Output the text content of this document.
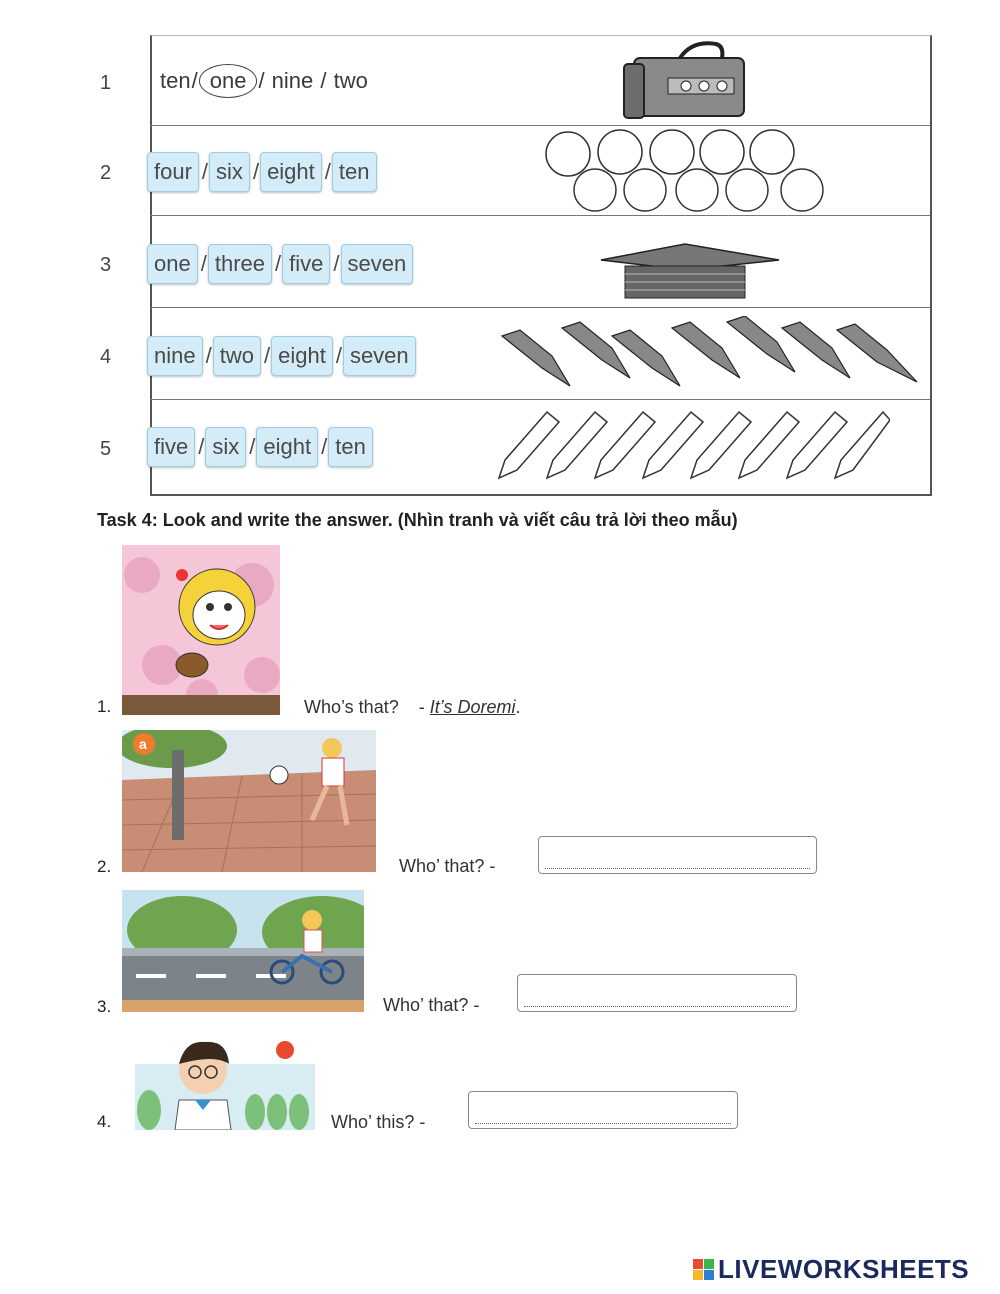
1 ten / one / nine / two
2	four / six / eight / ten
3	one / three / five / seven
4	nine / two / eight / seven
5	five / six / eight / ten
Task 4: Look and write the answer. (Nhìn tranh và viết câu trả lời theo mẫu)
1.	Who’s that? - It’s Doremi.
2.
a
Who’ that? -
3.	Who’ that? -
4.	Who’ this? -
LIVEWORKSHEETS
